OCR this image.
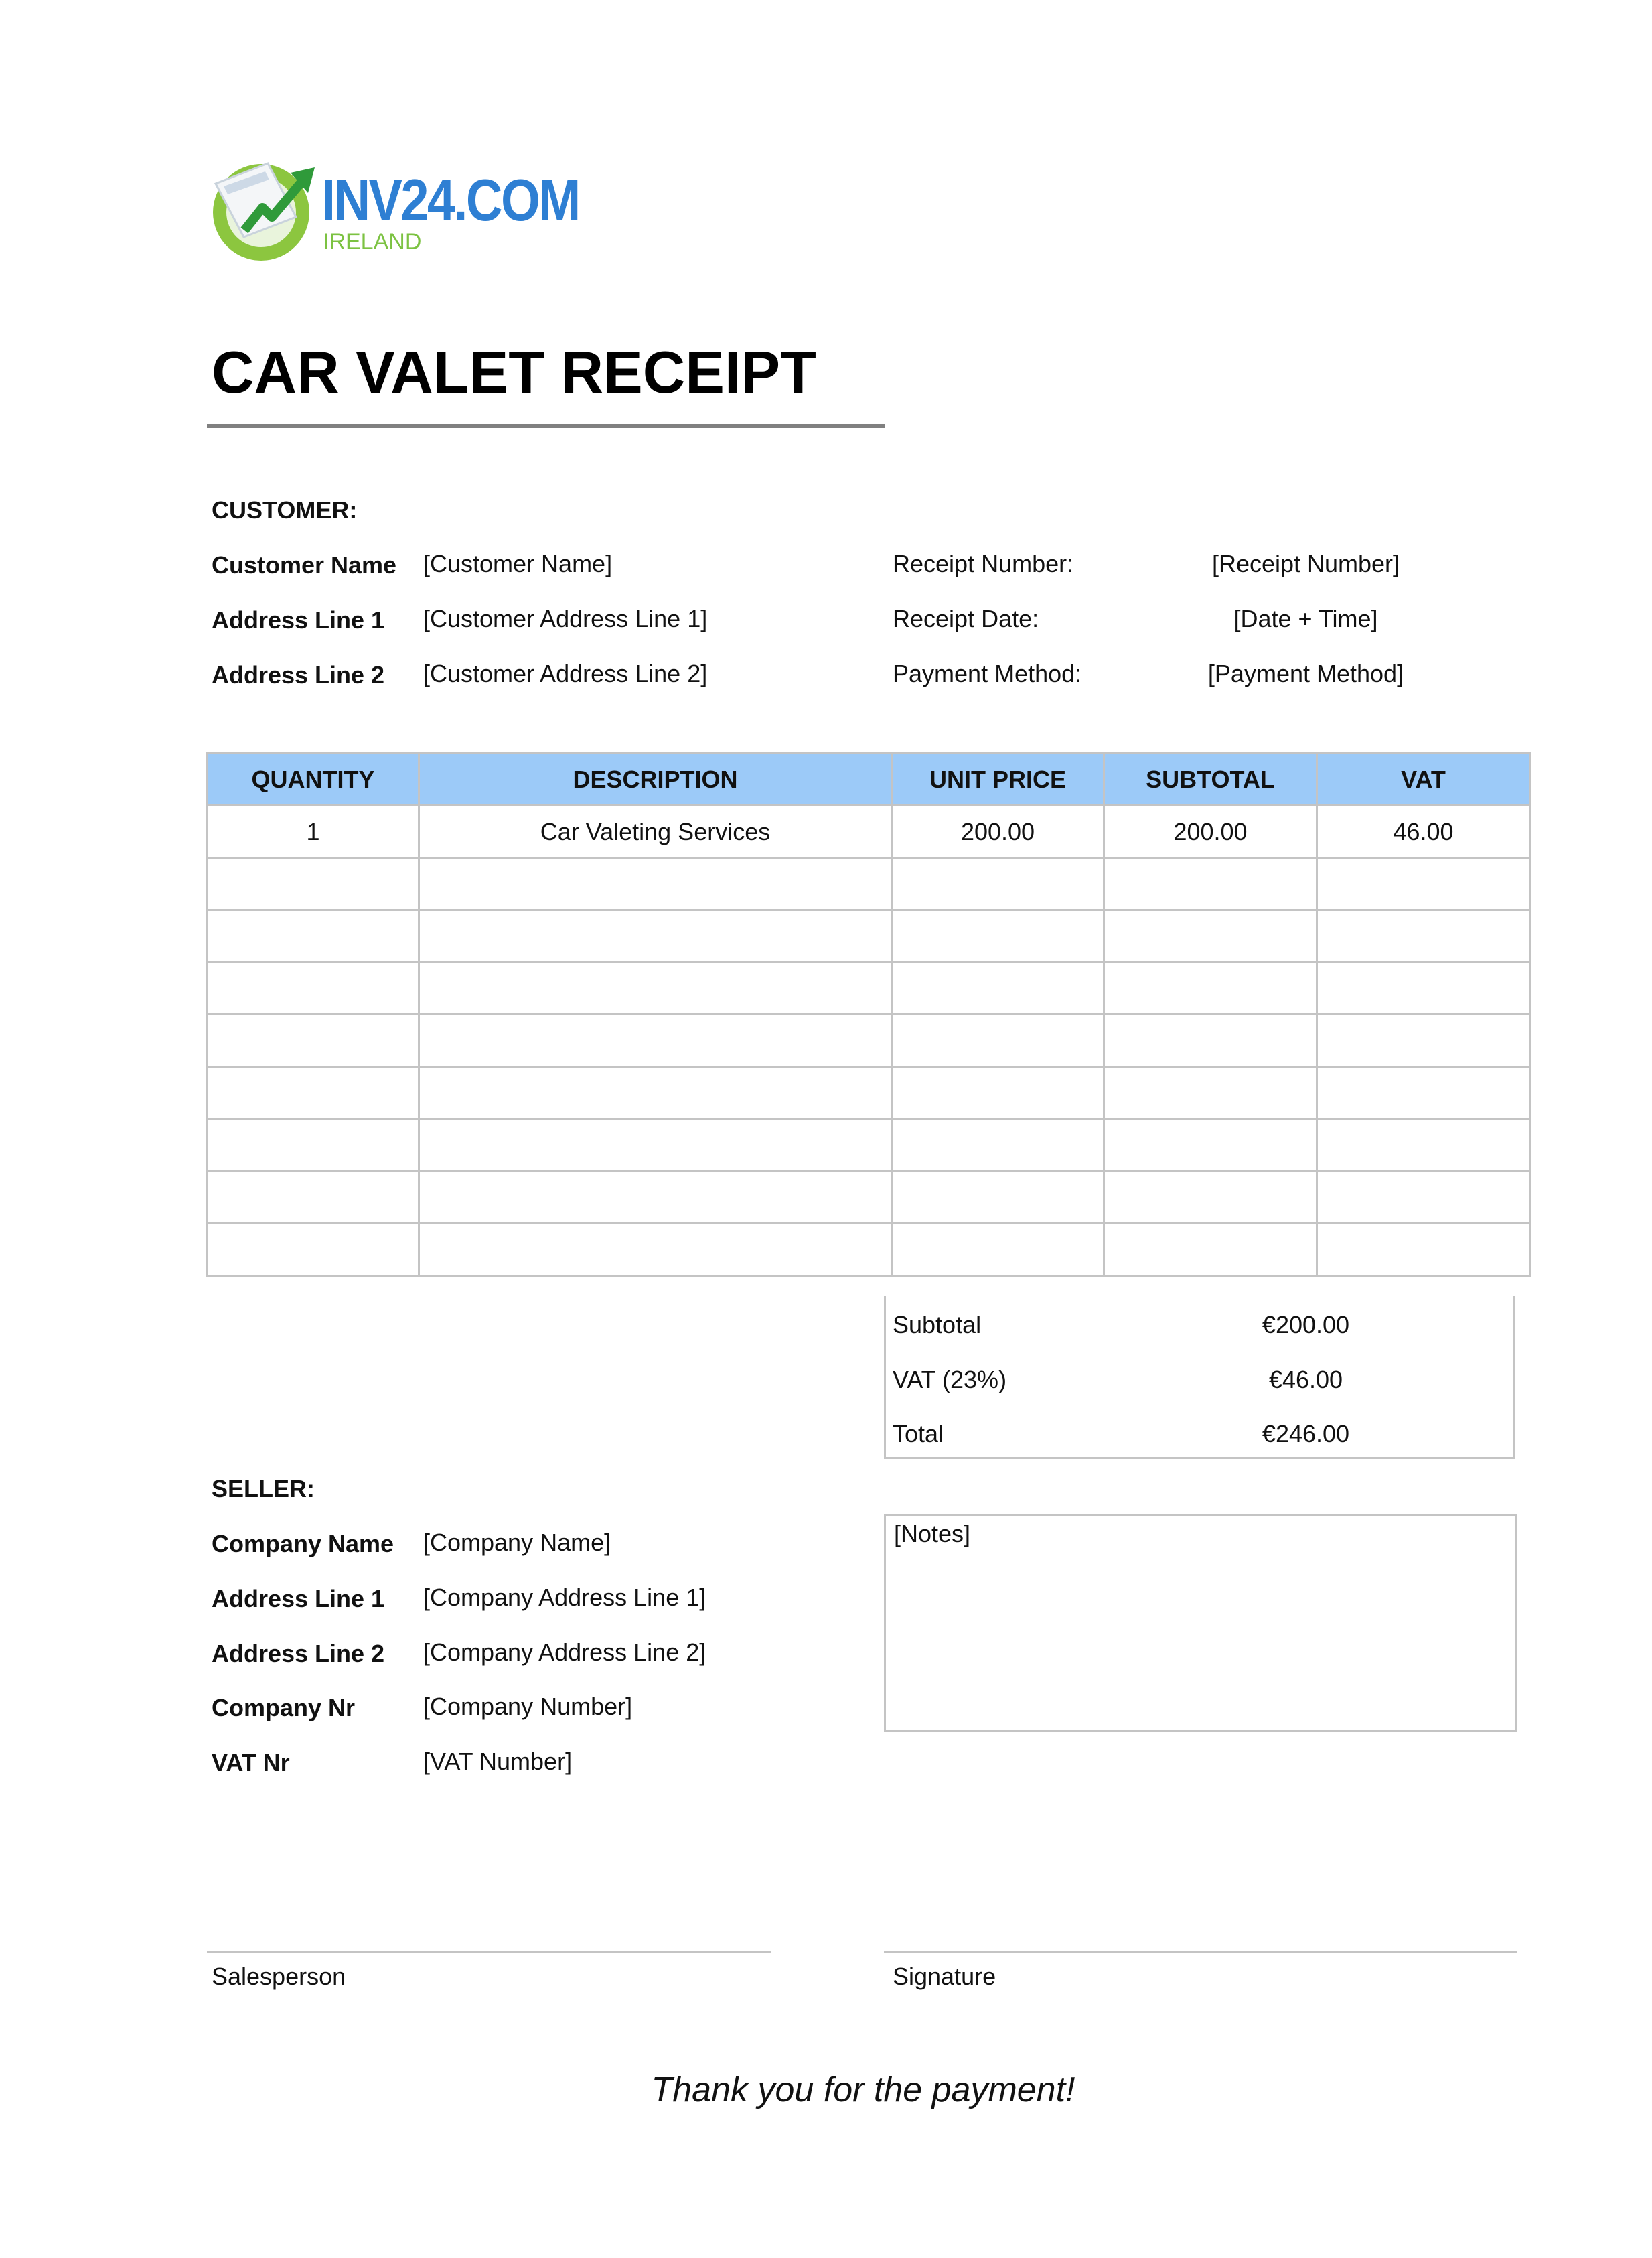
INV24.COM
IRELAND
CAR VALET RECEIPT
CUSTOMER:
Customer Name [Customer Name]
Address Line 1 [Customer Address Line 1]
Address Line 2 [Customer Address Line 2]
Receipt Number:	[Receipt Number]
Receipt Date:	[Date + Time]
Payment Method:	[Payment Method]
QUANTITY	DESCRIPTION	UNIT PRICE	SUBTOTAL	VAT
1	Car Valeting Services	200.00	200.00	46.00

Subtotal	€200.00
VAT (23%)	€46.00
Total	€246.00
SELLER:
Company Name [Company Name]
Address Line 1 [Company Address Line 1]
Address Line 2 [Company Address Line 2]
Company Nr	[Company Number]
VAT Nr	[VAT Number]
[Notes]
Salesperson	Signature
Thank you for the payment!
